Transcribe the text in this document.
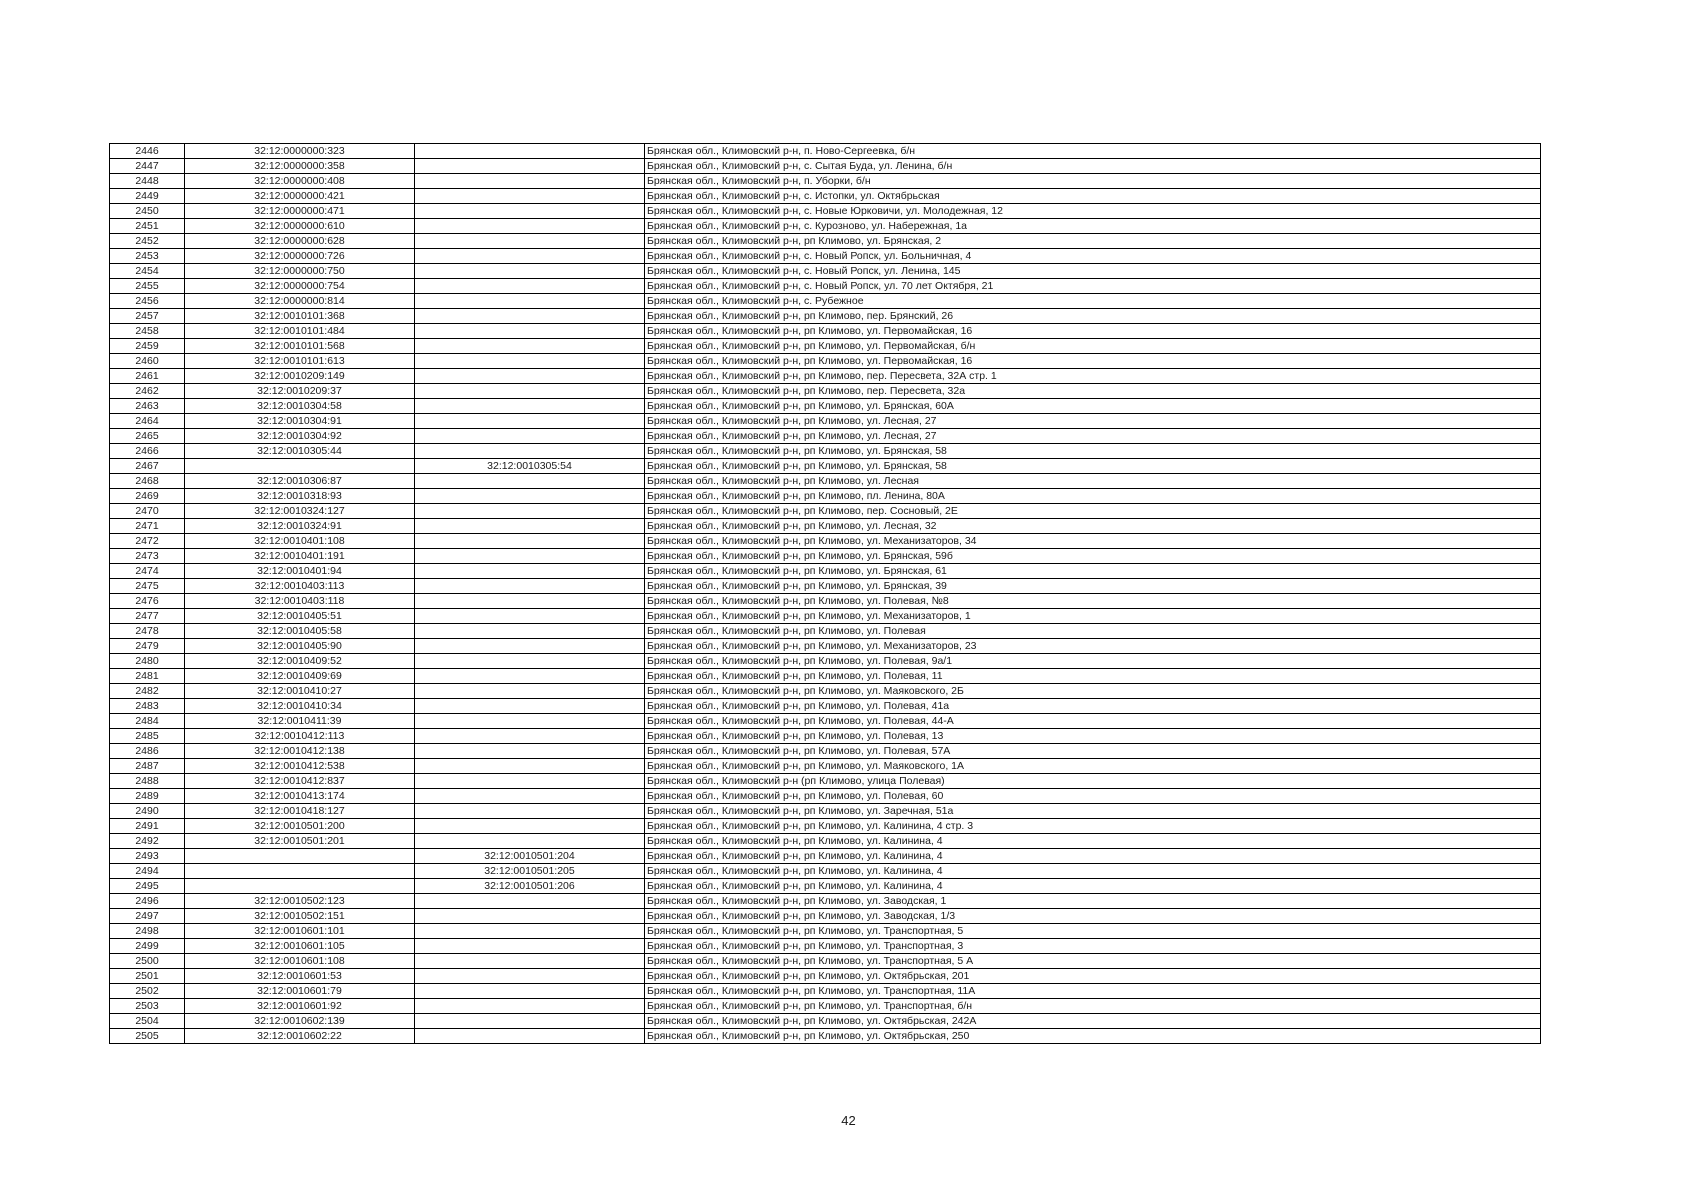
2446	32:12:0000000:323		Брянская обл., Климовский р-н, п. Ново-Сергеевка, б/н
2447	32:12:0000000:358		Брянская обл., Климовский р-н, с. Сытая Буда, ул. Ленина, б/н
2448	32:12:0000000:408		Брянская обл., Климовский р-н, п. Уборки, б/н
2449	32:12:0000000:421		Брянская обл., Климовский р-н, с. Истопки, ул. Октябрьская
2450	32:12:0000000:471		Брянская обл., Климовский р-н, с. Новые Юрковичи, ул. Молодежная, 12
2451	32:12:0000000:610		Брянская обл., Климовский р-н, с. Курознoво, ул. Набережная, 1а
2452	32:12:0000000:628		Брянская обл., Климовский р-н, рп Климово, ул. Брянская, 2
2453	32:12:0000000:726		Брянская обл., Климовский р-н, с. Новый Ропск, ул. Больничная, 4
2454	32:12:0000000:750		Брянская обл., Климовский р-н, с. Новый Ропск, ул. Ленина, 145
2455	32:12:0000000:754		Брянская обл., Климовский р-н, с. Новый Ропск, ул. 70 лет Октября, 21
2456	32:12:0000000:814		Брянская обл., Климовский р-н, с. Рубежное
2457	32:12:0010101:368		Брянская обл., Климовский р-н, рп Климово, пер. Брянский, 26
2458	32:12:0010101:484		Брянская обл., Климовский р-н, рп Климово, ул. Первомайская, 16
2459	32:12:0010101:568		Брянская обл., Климовский р-н, рп Климово, ул. Первомайская, б/н
2460	32:12:0010101:613		Брянская обл., Климовский р-н, рп Климово, ул. Первомайская, 16
2461	32:12:0010209:149		Брянская обл., Климовский р-н, рп Климово, пер. Пересвета, 32А стр. 1
2462	32:12:0010209:37		Брянская обл., Климовский р-н, рп Климово, пер. Пересвета, 32а
2463	32:12:0010304:58		Брянская обл., Климовский р-н, рп Климово, ул. Брянская, 60А
2464	32:12:0010304:91		Брянская обл., Климовский р-н, рп Климово, ул. Лесная, 27
2465	32:12:0010304:92		Брянская обл., Климовский р-н, рп Климово, ул. Лесная, 27
2466	32:12:0010305:44		Брянская обл., Климовский р-н, рп Климово, ул. Брянская, 58
2467		32:12:0010305:54	Брянская обл., Климовский р-н, рп Климово, ул. Брянская, 58
2468	32:12:0010306:87		Брянская обл., Климовский р-н, рп Климово, ул. Лесная
2469	32:12:0010318:93		Брянская обл., Климовский р-н, рп Климово, пл. Ленина, 80А
2470	32:12:0010324:127		Брянская обл., Климовский р-н, рп Климово, пер. Сосновый, 2Е
2471	32:12:0010324:91		Брянская обл., Климовский р-н, рп Климово, ул. Лесная, 32
2472	32:12:0010401:108		Брянская обл., Климовский р-н, рп Климово, ул. Механизаторов, 34
2473	32:12:0010401:191		Брянская обл., Климовский р-н, рп Климово, ул. Брянская, 59б
2474	32:12:0010401:94		Брянская обл., Климовский р-н, рп Климово, ул. Брянская, 61
2475	32:12:0010403:113		Брянская обл., Климовский р-н, рп Климово, ул. Брянская, 39
2476	32:12:0010403:118		Брянская обл., Климовский р-н, рп Климово, ул. Полевая, №8
2477	32:12:0010405:51		Брянская обл., Климовский р-н, рп Климово, ул. Механизаторов, 1
2478	32:12:0010405:58		Брянская обл., Климовский р-н, рп Климово, ул. Полевая
2479	32:12:0010405:90		Брянская обл., Климовский р-н, рп Климово, ул. Механизаторов, 23
2480	32:12:0010409:52		Брянская обл., Климовский р-н, рп Климово, ул. Полевая, 9а/1
2481	32:12:0010409:69		Брянская обл., Климовский р-н, рп Климово, ул. Полевая, 11
2482	32:12:0010410:27		Брянская обл., Климовский р-н, рп Климово, ул. Маяковского, 2Б
2483	32:12:0010410:34		Брянская обл., Климовский р-н, рп Климово, ул. Полевая, 41а
2484	32:12:0010411:39		Брянская обл., Климовский р-н, рп Климово, ул. Полевая, 44-А
2485	32:12:0010412:113		Брянская обл., Климовский р-н, рп Климово, ул. Полевая, 13
2486	32:12:0010412:138		Брянская обл., Климовский р-н, рп Климово, ул. Полевая, 57А
2487	32:12:0010412:538		Брянская обл., Климовский р-н, рп Климово, ул. Маяковского, 1А
2488	32:12:0010412:837		Брянская обл., Климовский р-н (рп Климово, улица Полевая)
2489	32:12:0010413:174		Брянская обл., Климовский р-н, рп Климово, ул. Полевая, 60
2490	32:12:0010418:127		Брянская обл., Климовский р-н, рп Климово, ул. Заречная, 51а
2491	32:12:0010501:200		Брянская обл., Климовский р-н, рп Климово, ул. Калинина, 4 стр. 3
2492	32:12:0010501:201		Брянская обл., Климовский р-н, рп Климово, ул. Калинина, 4
2493		32:12:0010501:204	Брянская обл., Климовский р-н, рп Климово, ул. Калинина, 4
2494		32:12:0010501:205	Брянская обл., Климовский р-н, рп Климово, ул. Калинина, 4
2495		32:12:0010501:206	Брянская обл., Климовский р-н, рп Климово, ул. Калинина, 4
2496	32:12:0010502:123		Брянская обл., Климовский р-н, рп Климово, ул. Заводская, 1
2497	32:12:0010502:151		Брянская обл., Климовский р-н, рп Климово, ул. Заводская, 1/3
2498	32:12:0010601:101		Брянская обл., Климовский р-н, рп Климово, ул. Транспортная, 5
2499	32:12:0010601:105		Брянская обл., Климовский р-н, рп Климово, ул. Транспортная, 3
2500	32:12:0010601:108		Брянская обл., Климовский р-н, рп Климово, ул. Транспортная, 5 А
2501	32:12:0010601:53		Брянская обл., Климовский р-н, рп Климово, ул. Октябрьская, 201
2502	32:12:0010601:79		Брянская обл., Климовский р-н, рп Климово, ул. Транспортная, 11А
2503	32:12:0010601:92		Брянская обл., Климовский р-н, рп Климово, ул. Транспортная, б/н
2504	32:12:0010602:139		Брянская обл., Климовский р-н, рп Климово, ул. Октябрьская, 242А
2505	32:12:0010602:22		Брянская обл., Климовский р-н, рп Климово, ул. Октябрьская, 250
42
